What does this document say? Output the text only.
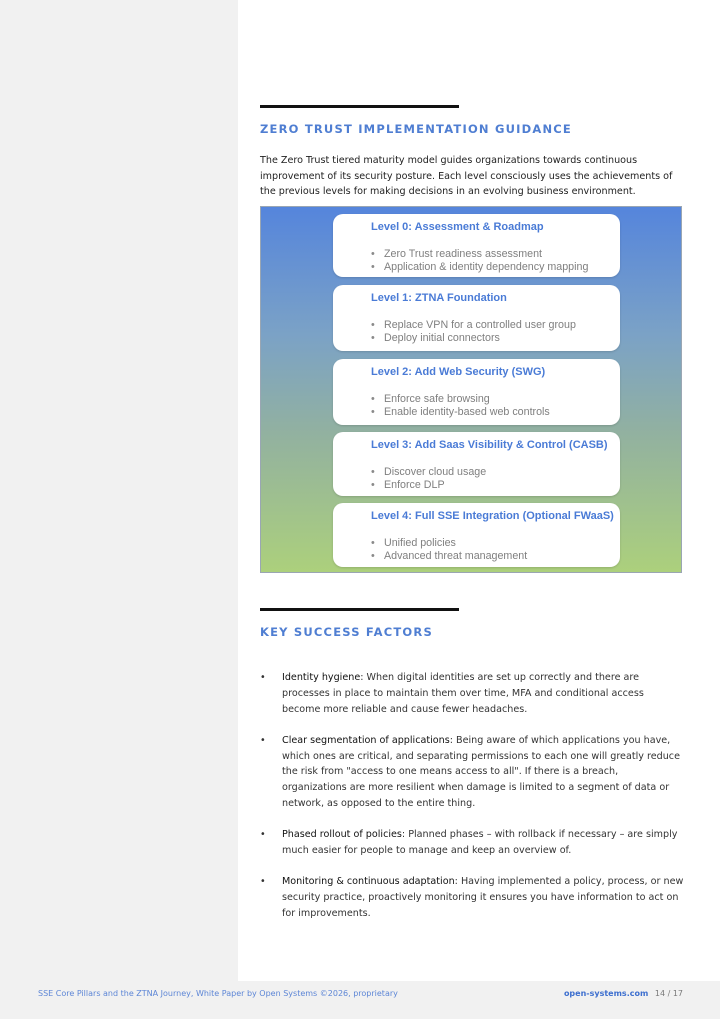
ZERO TRUST IMPLEMENTATION GUIDANCE

The Zero Trust tiered maturity model guides organizations towards continuous improvement of its security posture. Each level consciously uses the achievements of the previous levels for making decisions in an evolving business environment.

Level 0: Assessment & Roadmap
• Zero Trust readiness assessment
• Application & identity dependency mapping
Level 1: ZTNA Foundation
• Replace VPN for a controlled user group
• Deploy initial connectors
Level 2: Add Web Security (SWG)
• Enforce safe browsing
• Enable identity-based web controls
Level 3: Add Saas Visibility & Control (CASB)
• Discover cloud usage
• Enforce DLP
Level 4: Full SSE Integration (Optional FWaaS)
• Unified policies
• Advanced threat management
KEY SUCCESS FACTORS
• Identity hygiene: When digital identities are set up correctly and there are processes in place to maintain them over time, MFA and conditional access become more reliable and cause fewer headaches.
• Clear segmentation of applications: Being aware of which applications you have, which ones are critical, and separating permissions to each one will greatly reduce the risk from "access to one means access to all". If there is a breach, organizations are more resilient when damage is limited to a segment of data or network, as opposed to the entire thing.
• Phased rollout of policies: Planned phases – with rollback if necessary – are simply much easier for people to manage and keep an overview of.
• Monitoring & continuous adaptation: Having implemented a policy, process, or new security practice, proactively monitoring it ensures you have information to act on for improvements.
SSE Core Pillars and the ZTNA Journey, White Paper by Open Systems ©2026, proprietary	open-systems.com 14 / 17
